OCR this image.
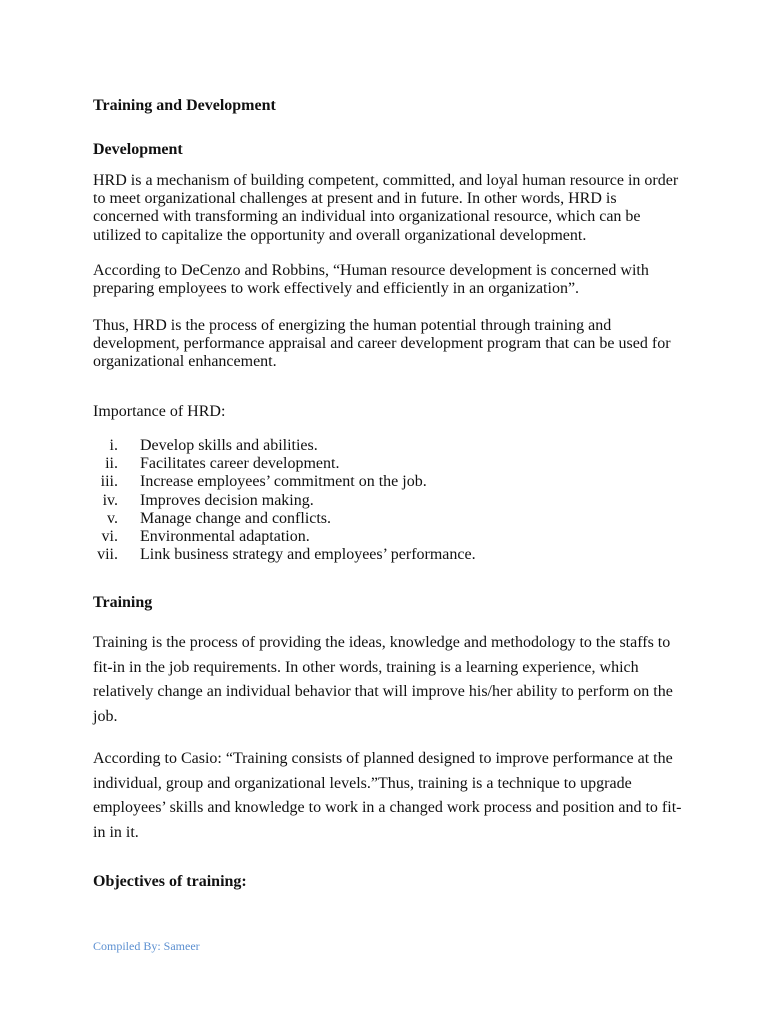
Training and Development

Development

HRD is a mechanism of building competent, committed, and loyal human resource in order to meet organizational challenges at present and in future. In other words, HRD is concerned with transforming an individual into organizational resource, which can be utilized to capitalize the opportunity and overall organizational development.

According to DeCenzo and Robbins, “Human resource development is concerned with preparing employees to work effectively and efficiently in an organization”.

Thus, HRD is the process of energizing the human potential through training and development, performance appraisal and career development program that can be used for organizational enhancement.

Importance of HRD:

i. Develop skills and abilities.
ii. Facilitates career development.
iii. Increase employees’ commitment on the job.
iv. Improves decision making.
v. Manage change and conflicts.
vi. Environmental adaptation.
vii. Link business strategy and employees’ performance.

Training

Training is the process of providing the ideas, knowledge and methodology to the staffs to fit-in in the job requirements. In other words, training is a learning experience, which relatively change an individual behavior that will improve his/her ability to perform on the job.

According to Casio: “Training consists of planned designed to improve performance at the individual, group and organizational levels.”Thus, training is a technique to upgrade employees’ skills and knowledge to work in a changed work process and position and to fit-in in it.

Objectives of training:

Compiled By: Sameer
